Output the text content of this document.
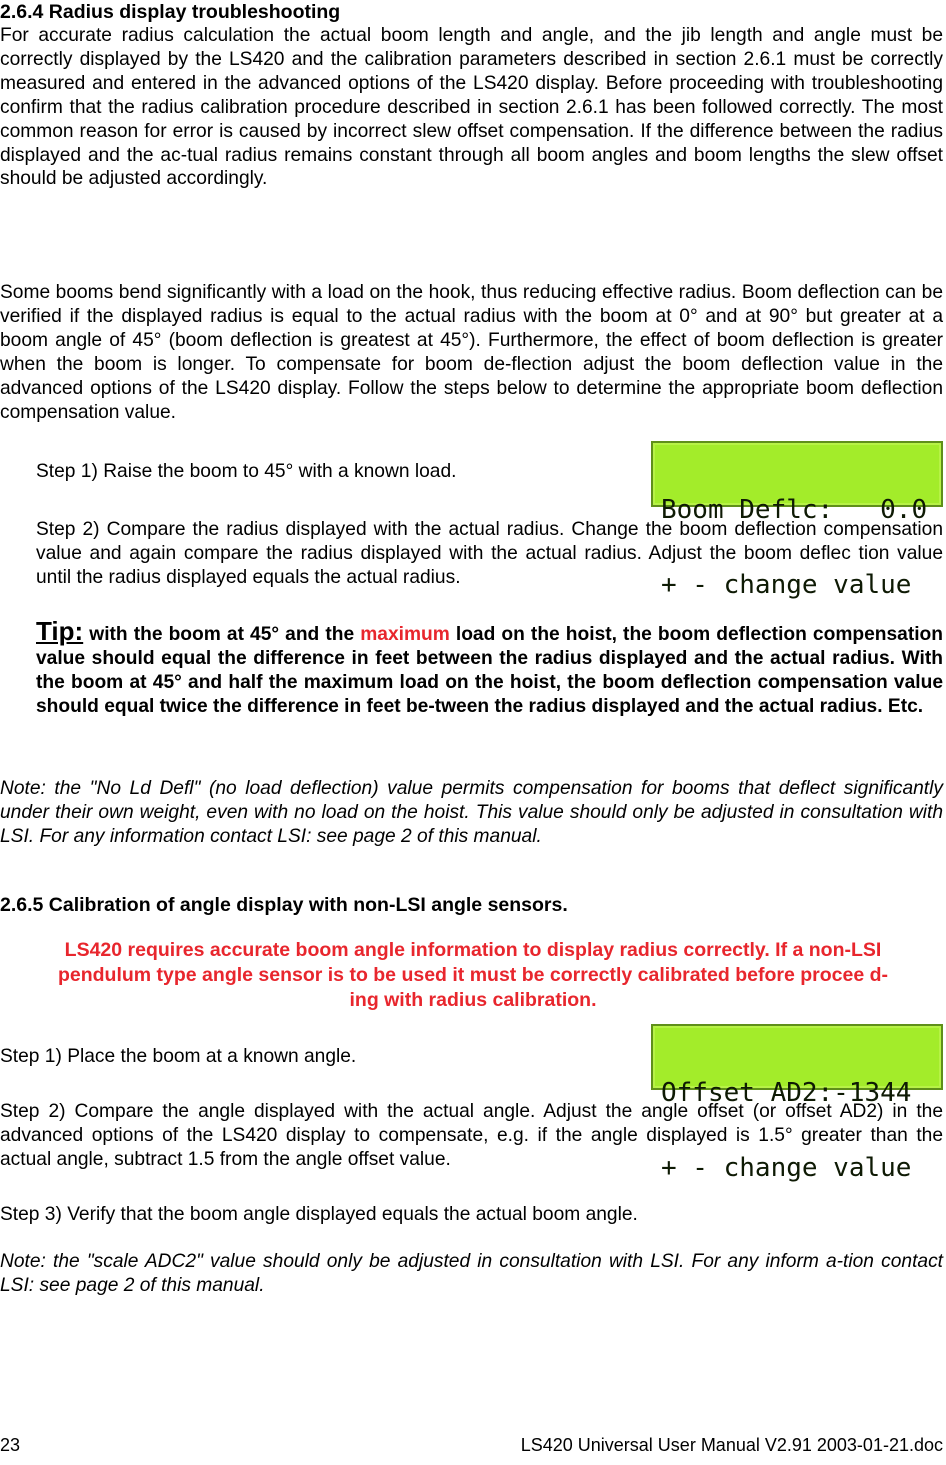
2.6.4 Radius display troubleshooting
For accurate radius calculation the actual boom length and angle, and the jib length and angle must be correctly displayed by the LS420 and the calibration parameters described in section 2.6.1 must be correctly measured and entered in the advanced options of the LS420 display. Before proceeding with troubleshooting confirm that the radius calibration procedure described in section 2.6.1 has been followed correctly. The most common reason for error is caused by incorrect slew offset compensation. If the difference between the radius displayed and the ac-tual radius remains constant through all boom angles and boom lengths the slew offset should be adjusted accordingly.
Some booms bend significantly with a load on the hook, thus reducing effective radius. Boom deflection can be verified if the displayed radius is equal to the actual radius with the boom at 0° and at 90° but greater at a boom angle of 45° (boom deflection is greatest at 45°). Furthermore, the effect of boom deflection is greater when the boom is longer. To compensate for boom de-flection adjust the boom deflection value in the advanced options of the LS420 display. Follow the steps below to determine the appropriate boom deflection compensation value.
Step 1) Raise the boom to 45° with a known load.

Boom Deflc:   0.0

+ - change value

Step 2) Compare the radius displayed with the actual radius. Change the boom deflection compensation value and again compare the radius displayed with the actual radius. Adjust the boom deflec tion value until the radius displayed equals the actual radius.
Tip: with the boom at 45° and the maximum load on the hoist, the boom deflection compensation value should equal the difference in feet between the radius displayed and the actual radius. With the boom at 45° and half the maximum load on the hoist, the boom deflection compensation value should equal twice the difference in feet be-tween the radius displayed and the actual radius. Etc.
Note: the "No Ld Defl" (no load deflection) value permits compensation for booms that deflect significantly under their own weight, even with no load on the hoist. This value should only be adjusted in consultation with LSI. For any information contact LSI: see page 2 of this manual.
2.6.5 Calibration of angle display with non-LSI angle sensors.
LS420 requires accurate boom angle information to display radius correctly. If a non-LSI
pendulum type angle sensor is to be used it must be correctly calibrated before procee d-
ing with radius calibration.
Step 1) Place the boom at a known angle.

Offset AD2:-1344

+ - change value

Step 2) Compare the angle displayed with the actual angle. Adjust the angle offset (or offset AD2) in the advanced options of the LS420 display to compensate, e.g. if the angle displayed is 1.5° greater than the actual angle, subtract 1.5 from the angle offset value.
Step 3) Verify that the boom angle displayed equals the actual boom angle.
Note: the "scale ADC2" value should only be adjusted in consultation with LSI. For any inform a-tion contact LSI: see page 2 of this manual.
23	LS420 Universal User Manual V2.91 2003-01-21.doc
